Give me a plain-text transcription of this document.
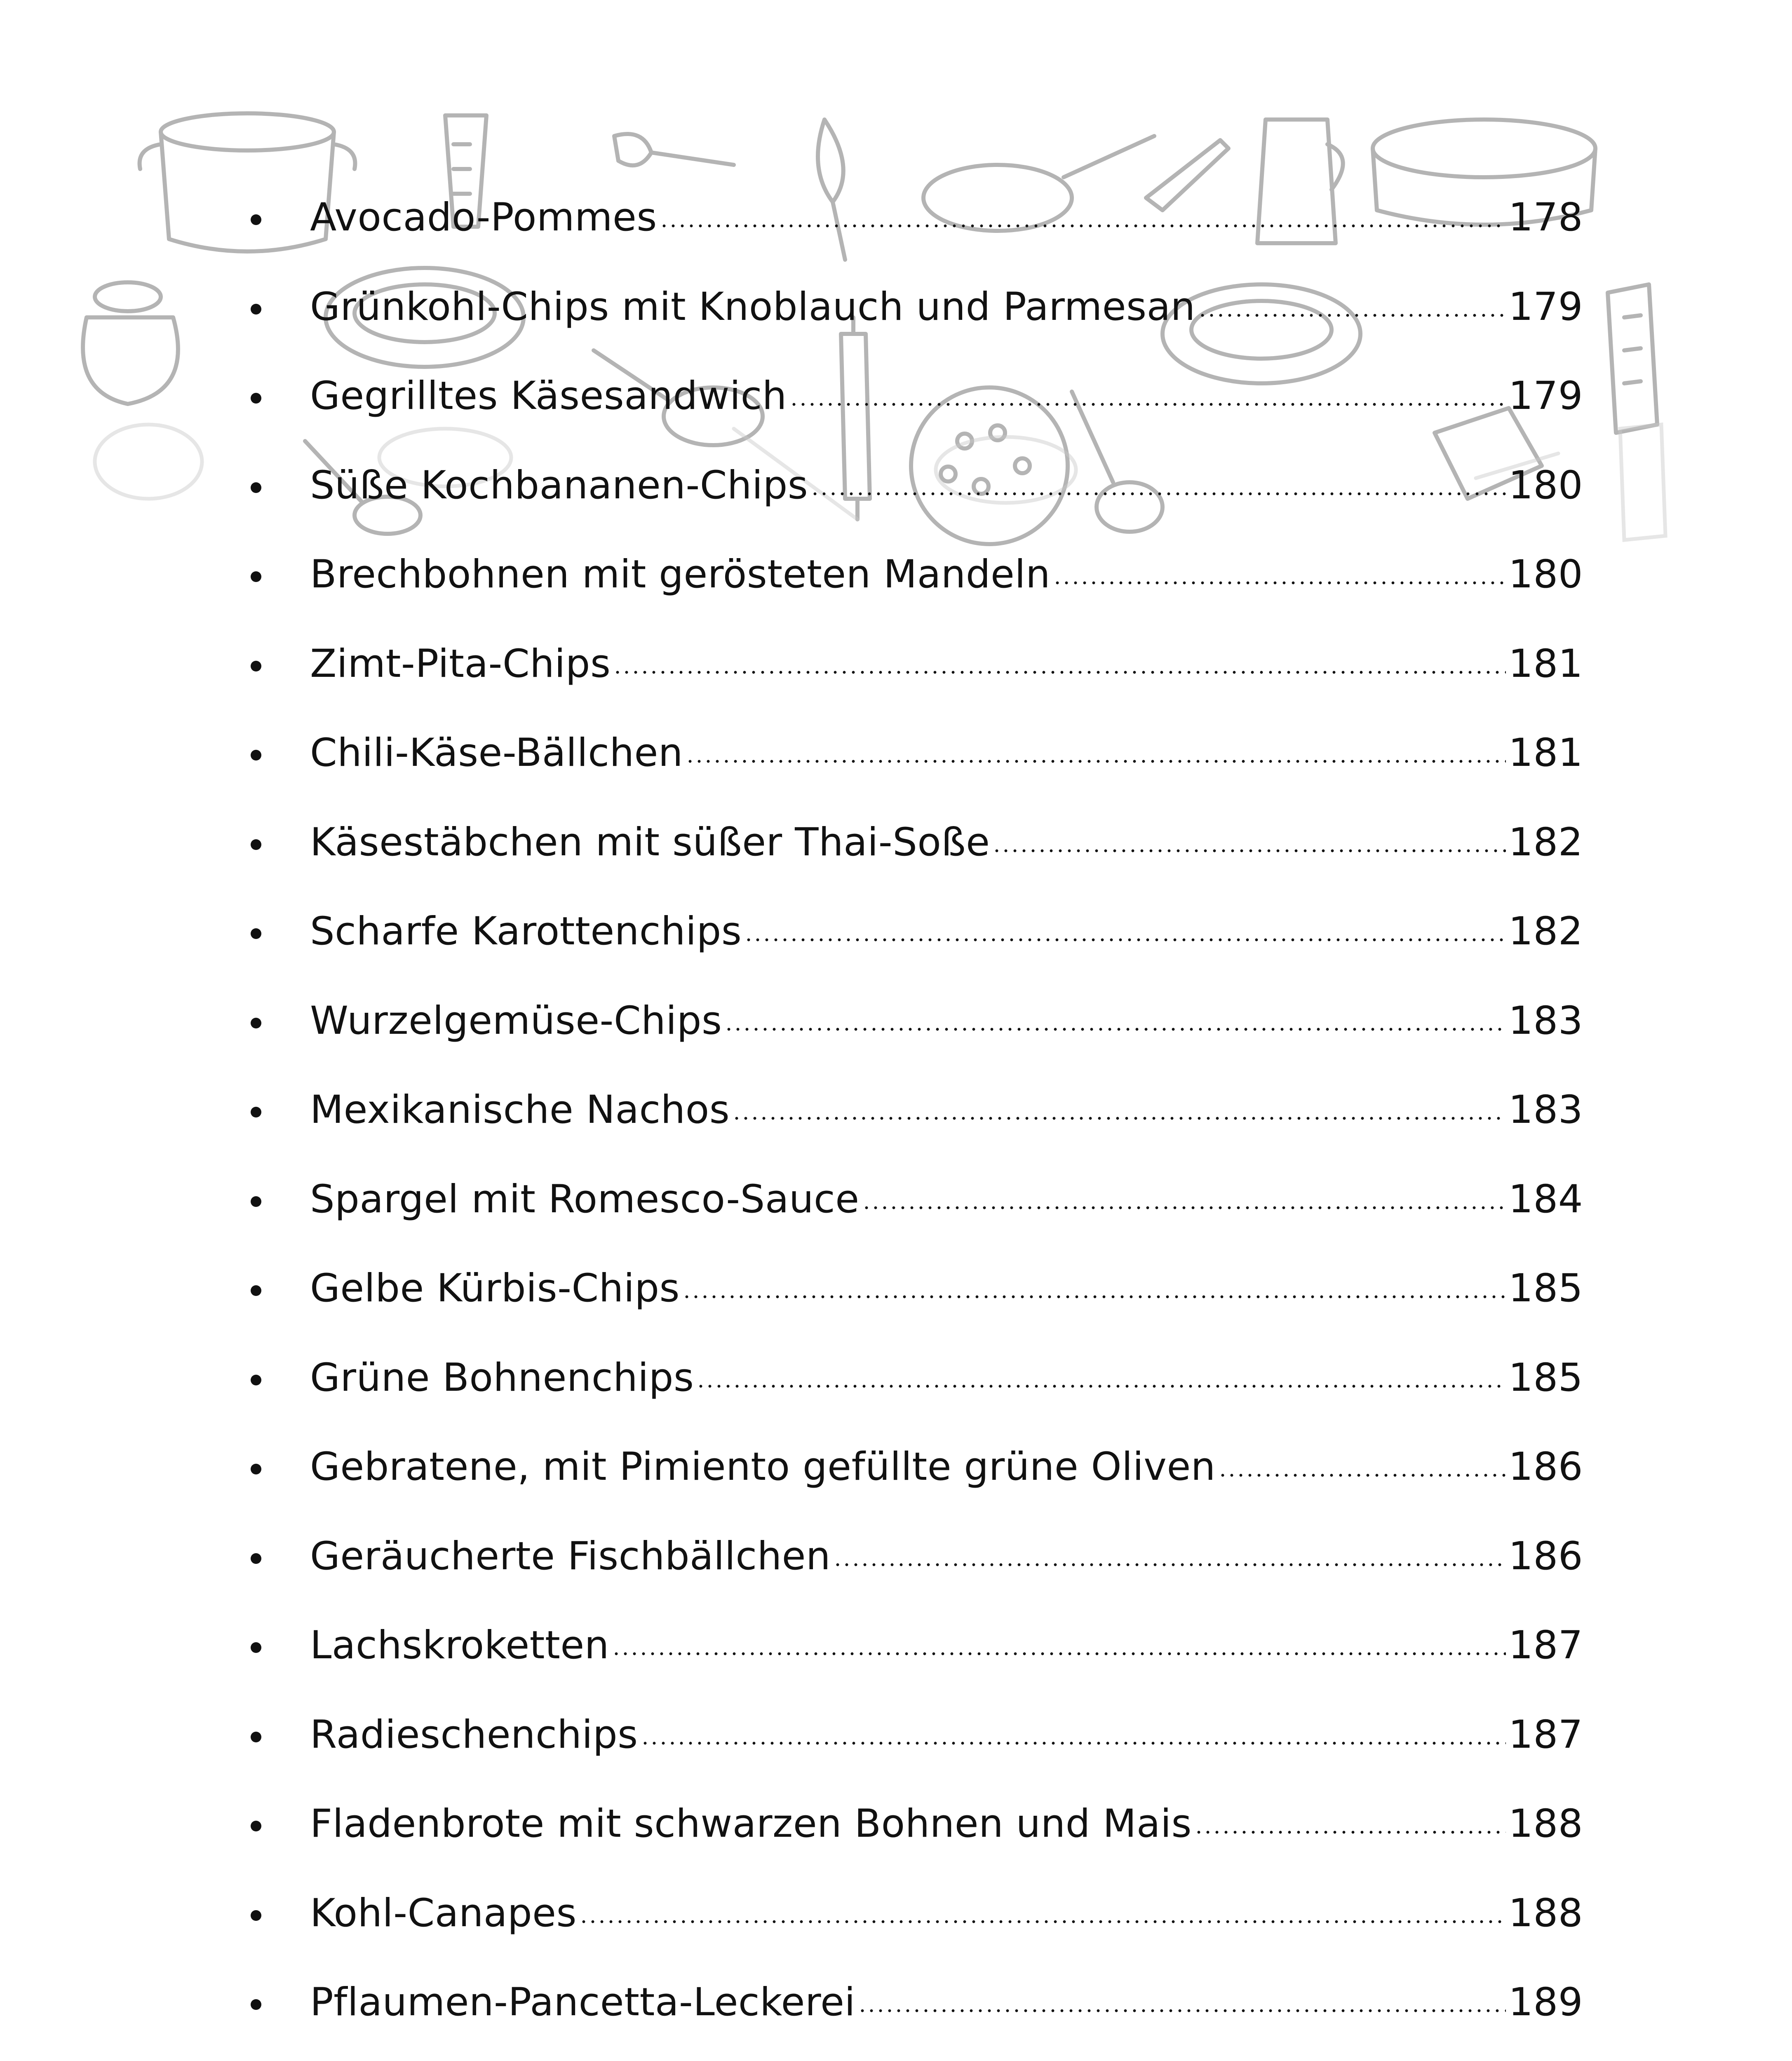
Avocado-Pommes	178
Grünkohl-Chips mit Knoblauch und Parmesan	179
Gegrilltes Käsesandwich	179
Süße Kochbananen-Chips	180
Brechbohnen mit gerösteten Mandeln	180
Zimt-Pita-Chips	181
Chili-Käse-Bällchen	181
Käsestäbchen mit süßer Thai-Soße	182
Scharfe Karottenchips	182
Wurzelgemüse-Chips	183
Mexikanische Nachos	183
Spargel mit Romesco-Sauce	184
Gelbe Kürbis-Chips	185
Grüne Bohnenchips	185
Gebratene, mit Pimiento gefüllte grüne Oliven	186
Geräucherte Fischbällchen	186
Lachskroketten	187
Radieschenchips	187
Fladenbrote mit schwarzen Bohnen und Mais	188
Kohl-Canapes	188
Pflaumen-Pancetta-Leckerei	189
